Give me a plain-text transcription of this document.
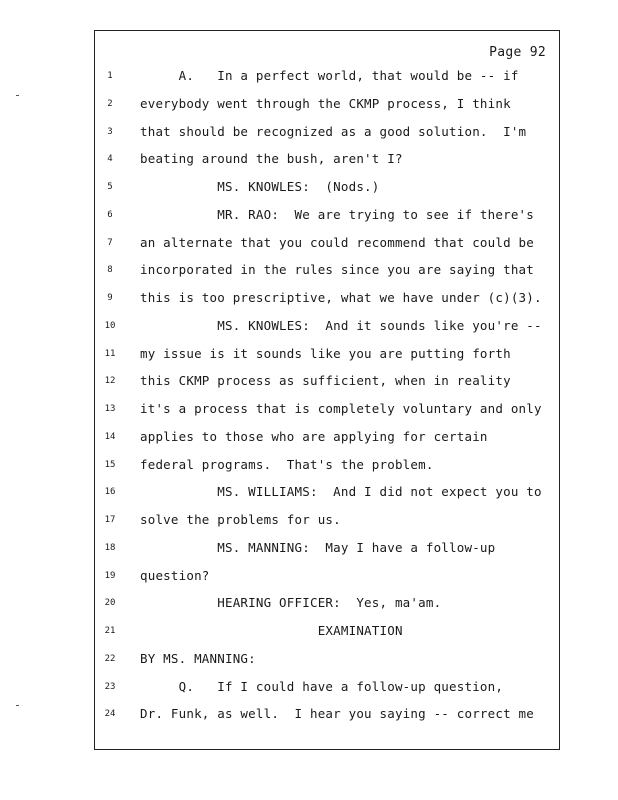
Page 92
1	A.   In a perfect world, that would be -- if
2	everybody went through the CKMP process, I think
3	that should be recognized as a good solution.  I'm
4	beating around the bush, aren't I?
5	MS. KNOWLES:  (Nods.)
6	MR. RAO:  We are trying to see if there's
7	an alternate that you could recommend that could be
8	incorporated in the rules since you are saying that
9	this is too prescriptive, what we have under (c)(3).
10	MS. KNOWLES:  And it sounds like you're --
11	my issue is it sounds like you are putting forth
12	this CKMP process as sufficient, when in reality
13	it's a process that is completely voluntary and only
14	applies to those who are applying for certain
15	federal programs.  That's the problem.
16	MS. WILLIAMS:  And I did not expect you to
17	solve the problems for us.
18	MS. MANNING:  May I have a follow-up
19	question?
20	HEARING OFFICER:  Yes, ma'am.
21	EXAMINATION
22	BY MS. MANNING:
23	Q.   If I could have a follow-up question,
24	Dr. Funk, as well.  I hear you saying -- correct me
